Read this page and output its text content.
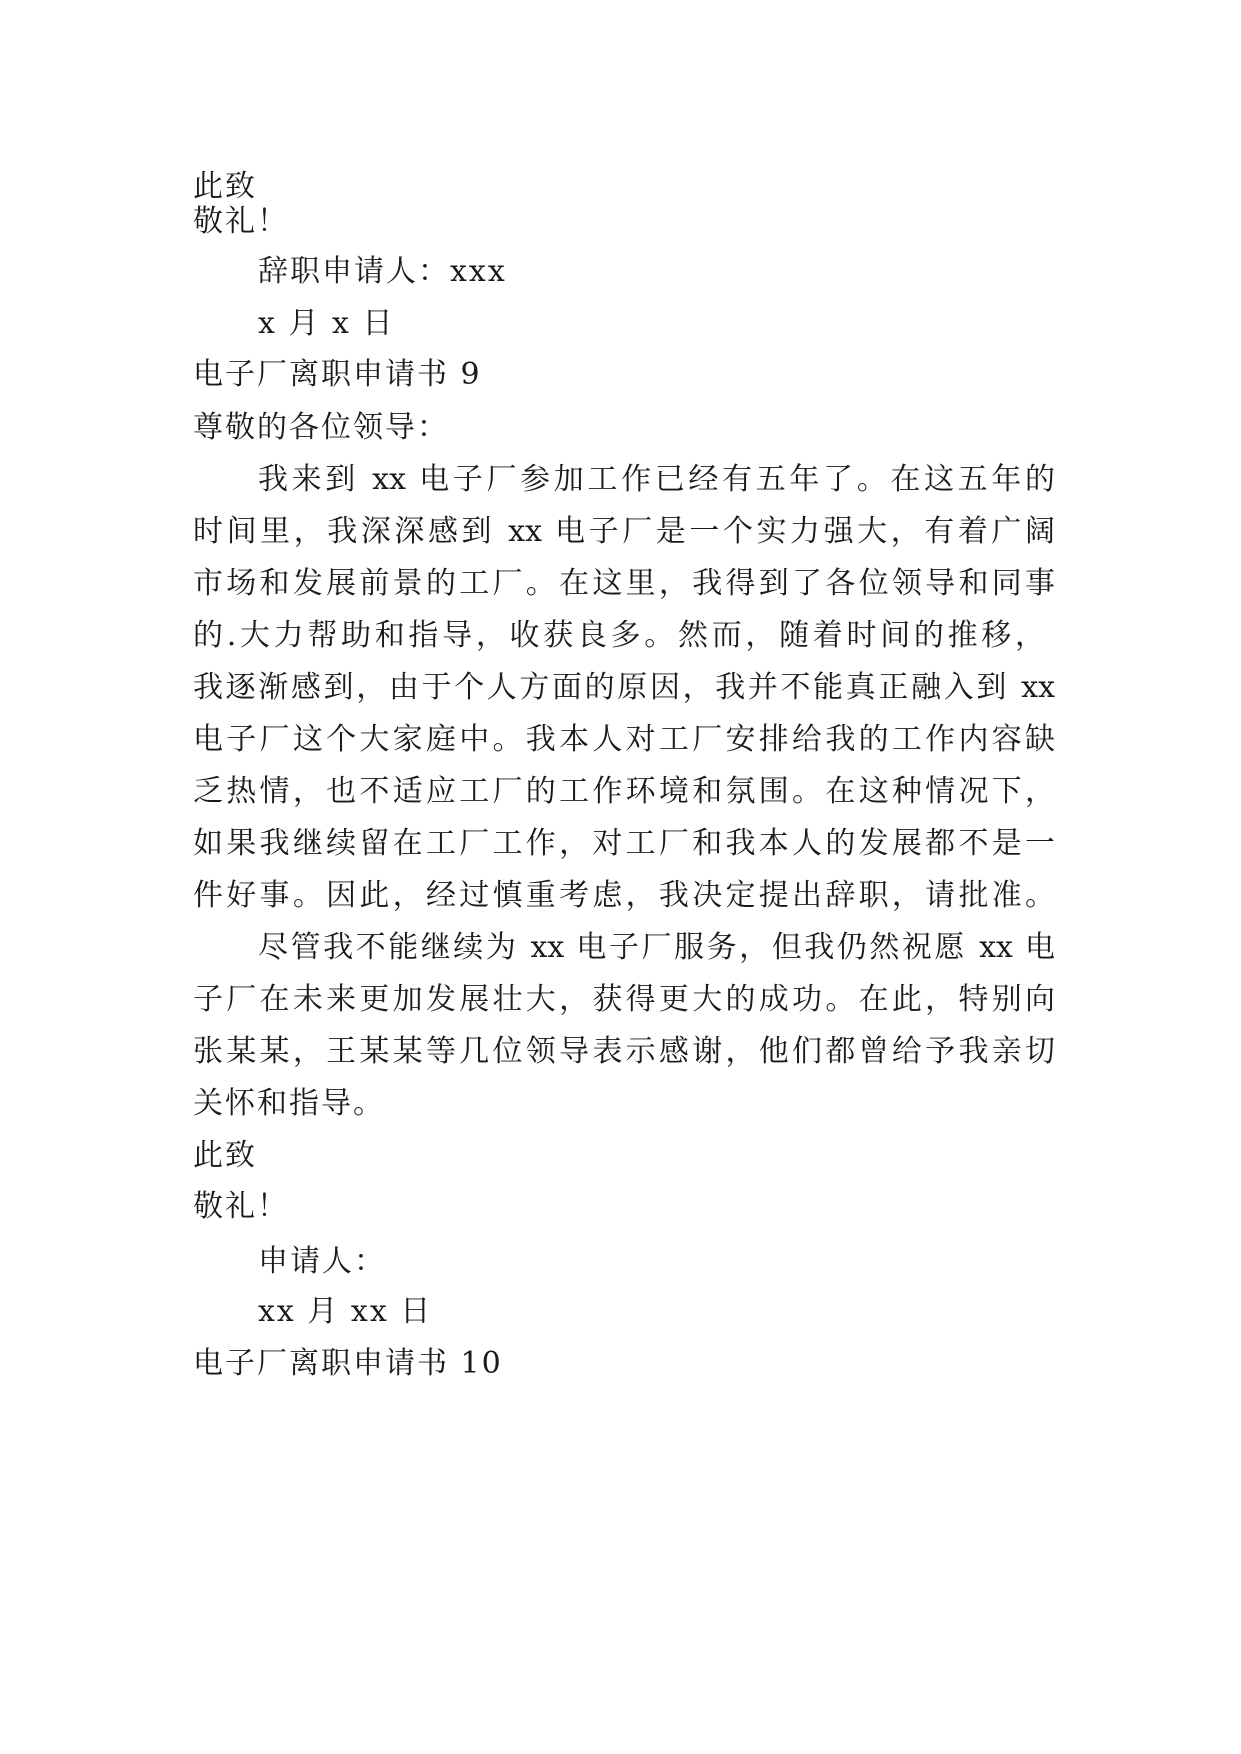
此致
敬礼！
辞职申请人：xxx
x 月 x 日
电子厂离职申请书 9
尊敬的各位领导：
我来到 xx 电子厂参加工作已经有五年了。在这五年的
时间里，我深深感到 xx 电子厂是一个实力强大，有着广阔
市场和发展前景的工厂。在这里，我得到了各位领导和同事
的.大力帮助和指导，收获良多。然而，随着时间的推移，
我逐渐感到，由于个人方面的原因，我并不能真正融入到 xx
电子厂这个大家庭中。我本人对工厂安排给我的工作内容缺
乏热情，也不适应工厂的工作环境和氛围。在这种情况下，
如果我继续留在工厂工作，对工厂和我本人的发展都不是一
件好事。因此，经过慎重考虑，我决定提出辞职，请批准。
尽管我不能继续为 xx 电子厂服务，但我仍然祝愿 xx 电
子厂在未来更加发展壮大，获得更大的成功。在此，特别向
张某某，王某某等几位领导表示感谢，他们都曾给予我亲切
关怀和指导。
此致
敬礼！
申请人：
xx 月 xx 日
电子厂离职申请书 10
